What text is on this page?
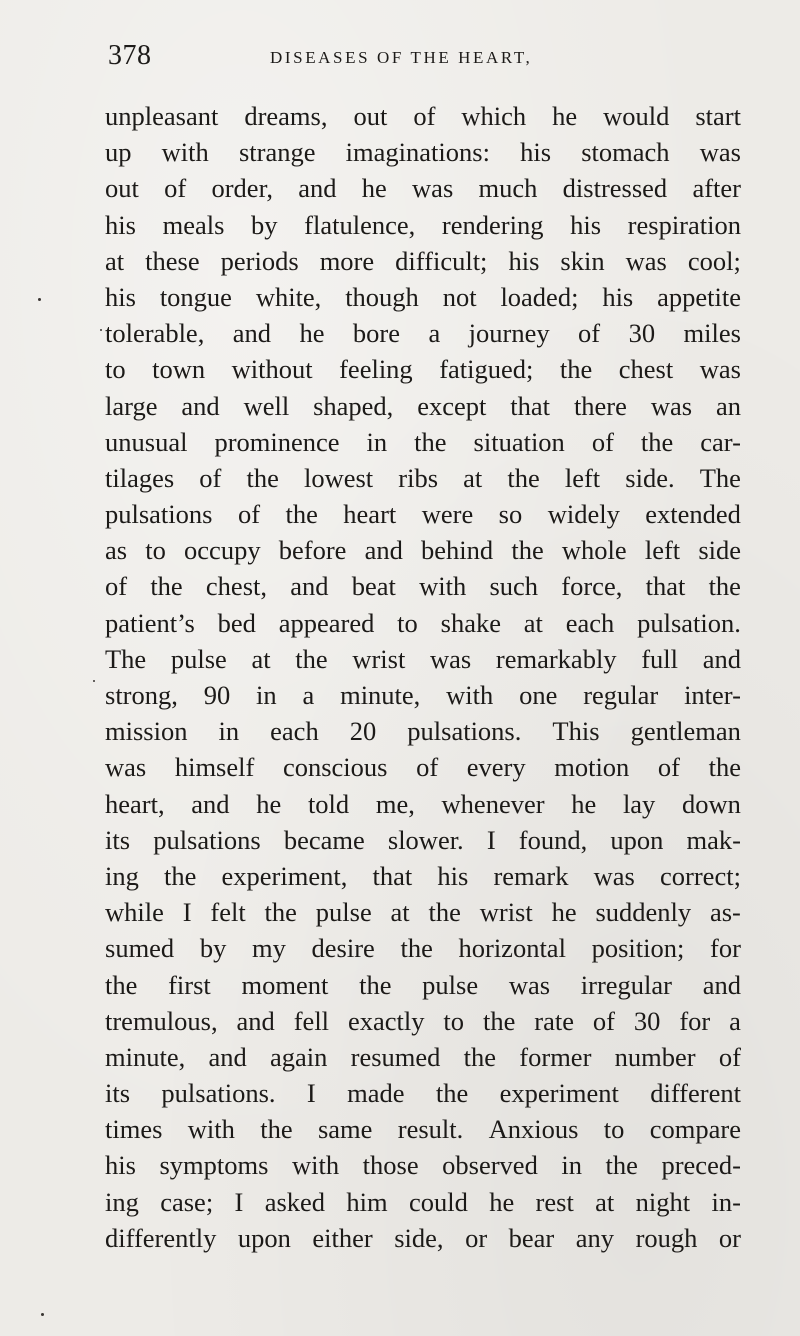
378	DISEASES OF THE HEART,
unpleasant dreams, out of which he would start
up with strange imaginations: his stomach was
out of order, and he was much distressed after
his meals by flatulence, rendering his respiration
at these periods more difficult; his skin was cool;
his tongue white, though not loaded; his appetite
tolerable, and he bore a journey of 30 miles
to town without feeling fatigued; the chest was
large and well shaped, except that there was an
unusual prominence in the situation of the car-
tilages of the lowest ribs at the left side. The
pulsations of the heart were so widely extended
as to occupy before and behind the whole left side
of the chest, and beat with such force, that the
patient’s bed appeared to shake at each pulsation.
The pulse at the wrist was remarkably full and
strong, 90 in a minute, with one regular inter-
mission in each 20 pulsations. This gentleman
was himself conscious of every motion of the
heart, and he told me, whenever he lay down
its pulsations became slower. I found, upon mak-
ing the experiment, that his remark was correct;
while I felt the pulse at the wrist he suddenly as-
sumed by my desire the horizontal position; for
the first moment the pulse was irregular and
tremulous, and fell exactly to the rate of 30 for a
minute, and again resumed the former number of
its pulsations. I made the experiment different
times with the same result. Anxious to compare
his symptoms with those observed in the preced-
ing case; I asked him could he rest at night in-
differently upon either side, or bear any rough or
